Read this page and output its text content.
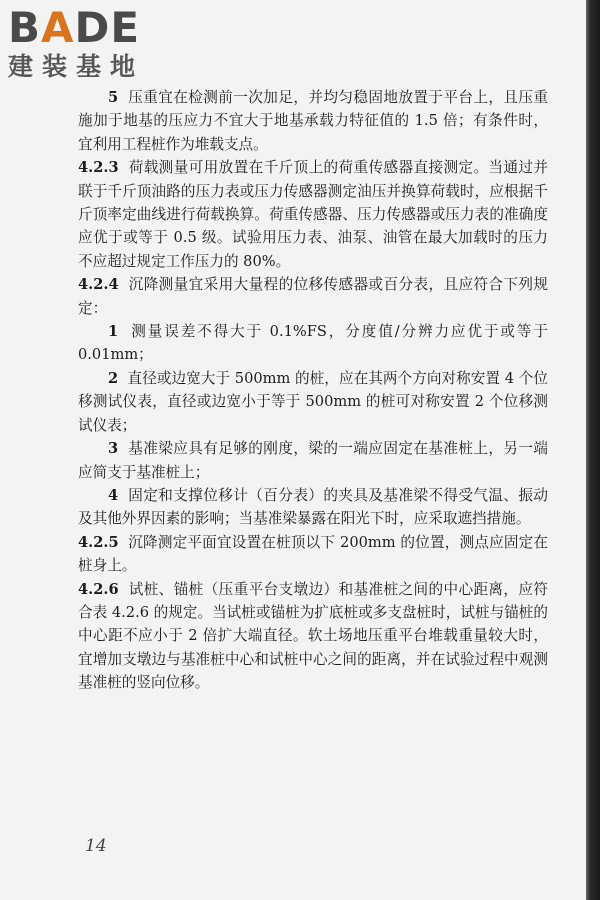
BADE
建装基地

5 压重宜在检测前一次加足，并均匀稳固地放置于平台上，且压重施加于地基的压应力不宜大于地基承载力特征值的 1.5 倍；有条件时，宜利用工程桩作为堆载支点。

4.2.3 荷载测量可用放置在千斤顶上的荷重传感器直接测定。当通过并联于千斤顶油路的压力表或压力传感器测定油压并换算荷载时，应根据千斤顶率定曲线进行荷载换算。荷重传感器、压力传感器或压力表的准确度应优于或等于 0.5 级。试验用压力表、油泵、油管在最大加载时的压力不应超过规定工作压力的 80%。

4.2.4 沉降测量宜采用大量程的位移传感器或百分表，且应符合下列规定：

1 测量误差不得大于 0.1%FS，分度值/分辨力应优于或等于 0.01mm；

2 直径或边宽大于 500mm 的桩，应在其两个方向对称安置 4 个位移测试仪表，直径或边宽小于等于 500mm 的桩可对称安置 2 个位移测试仪表；

3 基准梁应具有足够的刚度，梁的一端应固定在基准桩上，另一端应简支于基准桩上；

4 固定和支撑位移计（百分表）的夹具及基准梁不得受气温、振动及其他外界因素的影响；当基准梁暴露在阳光下时，应采取遮挡措施。

4.2.5 沉降测定平面宜设置在桩顶以下 200mm 的位置，测点应固定在桩身上。

4.2.6 试桩、锚桩（压重平台支墩边）和基准桩之间的中心距离，应符合表 4.2.6 的规定。当试桩或锚桩为扩底桩或多支盘桩时，试桩与锚桩的中心距不应小于 2 倍扩大端直径。软土场地压重平台堆载重量较大时，宜增加支墩边与基准桩中心和试桩中心之间的距离，并在试验过程中观测基准桩的竖向位移。

14
